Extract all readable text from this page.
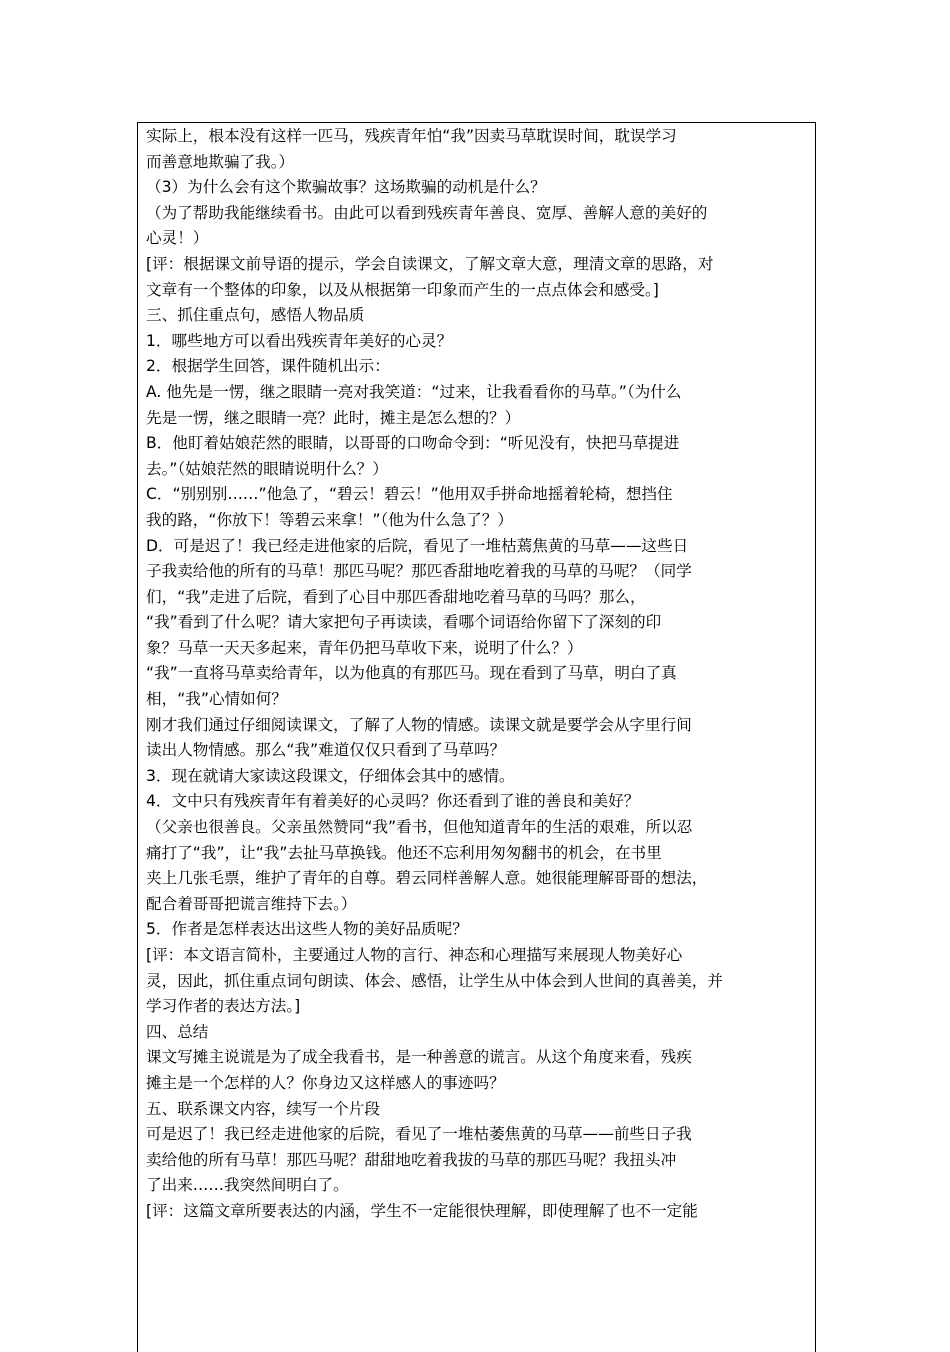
实际上，根本没有这样一匹马，残疾青年怕“我”因卖马草耽误时间，耽误学习

而善意地欺骗了我。）

（3）为什么会有这个欺骗故事？这场欺骗的动机是什么？

（为了帮助我能继续看书。由此可以看到残疾青年善良、宽厚、善解人意的美好的

心灵！）

[评：根据课文前导语的提示，学会自读课文，了解文章大意，理清文章的思路，对

文章有一个整体的印象，以及从根据第一印象而产生的一点点体会和感受。]

三、抓住重点句，感悟人物品质

1．哪些地方可以看出残疾青年美好的心灵？

2．根据学生回答，课件随机出示：

A. 他先是一愣，继之眼睛一亮对我笑道：“过来，让我看看你的马草。”（为什么

先是一愣，继之眼睛一亮？此时，摊主是怎么想的？）

B．他盯着姑娘茫然的眼睛，以哥哥的口吻命令到：“听见没有，快把马草提进

去。”（姑娘茫然的眼睛说明什么？）

C．“别别别……”他急了，“碧云！碧云！”他用双手拼命地摇着轮椅，想挡住

我的路，“你放下！等碧云来拿！”（他为什么急了？）

D．可是迟了！我已经走进他家的后院，看见了一堆枯蔫焦黄的马草——这些日

子我卖给他的所有的马草！那匹马呢？那匹香甜地吃着我的马草的马呢？（同学

们，“我”走进了后院，看到了心目中那匹香甜地吃着马草的马吗？那么，

“我”看到了什么呢？请大家把句子再读读，看哪个词语给你留下了深刻的印

象？马草一天天多起来，青年仍把马草收下来，说明了什么？）

“我”一直将马草卖给青年，以为他真的有那匹马。现在看到了马草，明白了真

相，“我”心情如何？

刚才我们通过仔细阅读课文，了解了人物的情感。读课文就是要学会从字里行间

读出人物情感。那么“我”难道仅仅只看到了马草吗？

3．现在就请大家读这段课文，仔细体会其中的感情。

4．文中只有残疾青年有着美好的心灵吗？你还看到了谁的善良和美好？

（父亲也很善良。父亲虽然赞同“我”看书，但他知道青年的生活的艰难，所以忍

痛打了“我”，让“我”去扯马草换钱。他还不忘利用匆匆翻书的机会，在书里

夹上几张毛票，维护了青年的自尊。碧云同样善解人意。她很能理解哥哥的想法，

配合着哥哥把谎言维持下去。）

5．作者是怎样表达出这些人物的美好品质呢？

[评：本文语言简朴，主要通过人物的言行、神态和心理描写来展现人物美好心

灵，因此，抓住重点词句朗读、体会、感悟，让学生从中体会到人世间的真善美，并

学习作者的表达方法。]

四、总结

课文写摊主说谎是为了成全我看书，是一种善意的谎言。从这个角度来看，残疾

摊主是一个怎样的人？你身边又这样感人的事迹吗？

五、联系课文内容，续写一个片段

可是迟了！我已经走进他家的后院，看见了一堆枯萎焦黄的马草——前些日子我

卖给他的所有马草！那匹马呢？甜甜地吃着我拔的马草的那匹马呢？我扭头冲

了出来……我突然间明白了。

[评：这篇文章所要表达的内涵，学生不一定能很快理解，即使理解了也不一定能
